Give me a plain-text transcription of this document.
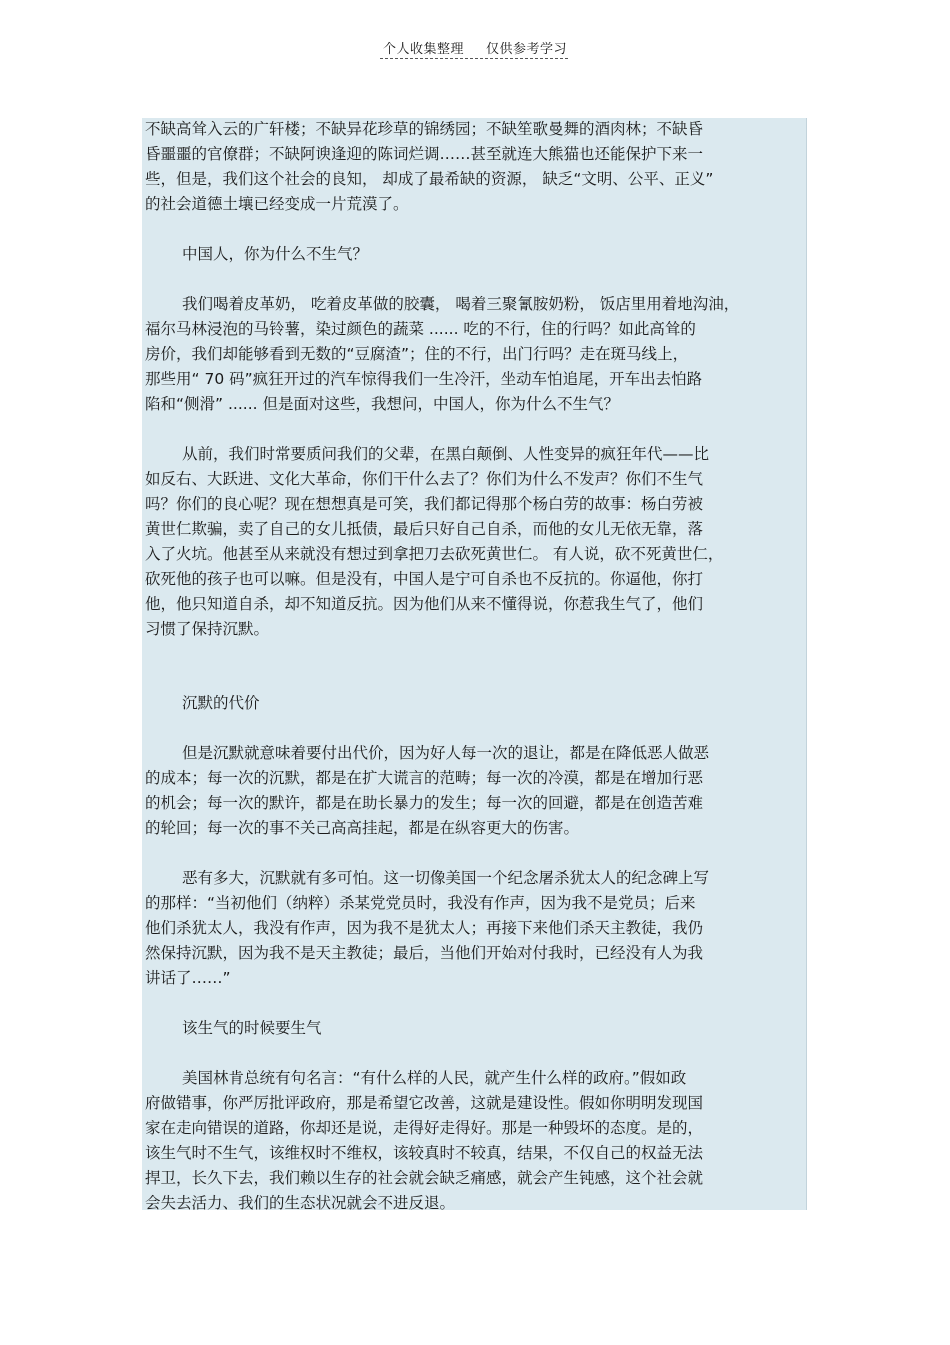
个人收集整理 仅供参考学习
不缺高耸入云的广轩楼；不缺异花珍草的锦绣园；不缺笙歌曼舞的酒肉林；不缺昏
昏噩噩的官僚群；不缺阿谀逢迎的陈词烂调……甚至就连大熊猫也还能保护下来一
些，但是，我们这个社会的良知， 却成了最希缺的资源， 缺乏“文明、公平、正义”
的社会道德土壤已经变成一片荒漠了。
中国人，你为什么不生气？
我们喝着皮革奶， 吃着皮革做的胶囊， 喝着三聚氰胺奶粉， 饭店里用着地沟油，
福尔马林浸泡的马铃薯，染过颜色的蔬菜 ...... 吃的不行，住的行吗？如此高耸的
房价，我们却能够看到无数的“豆腐渣”；住的不行，出门行吗？走在斑马线上，
那些用“ 70 码”疯狂开过的汽车惊得我们一生冷汗，坐动车怕追尾，开车出去怕路
陷和“侧滑” ...... 但是面对这些，我想问，中国人，你为什么不生气？
从前，我们时常要质问我们的父辈，在黑白颠倒、人性变异的疯狂年代——比
如反右、大跃进、文化大革命，你们干什么去了？你们为什么不发声？你们不生气
吗？你们的良心呢？现在想想真是可笑，我们都记得那个杨白劳的故事：杨白劳被
黄世仁欺骗，卖了自己的女儿抵债，最后只好自己自杀，而他的女儿无依无靠，落
入了火坑。他甚至从来就没有想过到拿把刀去砍死黄世仁。 有人说，砍不死黄世仁，
砍死他的孩子也可以嘛。但是没有，中国人是宁可自杀也不反抗的。你逼他，你打
他，他只知道自杀，却不知道反抗。因为他们从来不懂得说，你惹我生气了，他们
习惯了保持沉默。
沉默的代价
但是沉默就意味着要付出代价，因为好人每一次的退让，都是在降低恶人做恶
的成本；每一次的沉默，都是在扩大谎言的范畴；每一次的冷漠，都是在增加行恶
的机会；每一次的默许，都是在助长暴力的发生；每一次的回避，都是在创造苦难
的轮回；每一次的事不关己高高挂起，都是在纵容更大的伤害。
恶有多大，沉默就有多可怕。这一切像美国一个纪念屠杀犹太人的纪念碑上写
的那样：“当初他们（纳粹）杀某党党员时，我没有作声，因为我不是党员；后来
他们杀犹太人，我没有作声，因为我不是犹太人；再接下来他们杀天主教徒，我仍
然保持沉默，因为我不是天主教徒；最后，当他们开始对付我时，已经没有人为我
讲话了……”
该生气的时候要生气
美国林肯总统有句名言：“有什么样的人民，就产生什么样的政府。”假如政
府做错事，你严厉批评政府，那是希望它改善，这就是建设性。假如你明明发现国
家在走向错误的道路，你却还是说，走得好走得好。那是一种毁坏的态度。是的，
该生气时不生气，该维权时不维权，该较真时不较真，结果，不仅自己的权益无法
捍卫，长久下去，我们赖以生存的社会就会缺乏痛感，就会产生钝感，这个社会就
会失去活力、我们的生态状况就会不进反退。
